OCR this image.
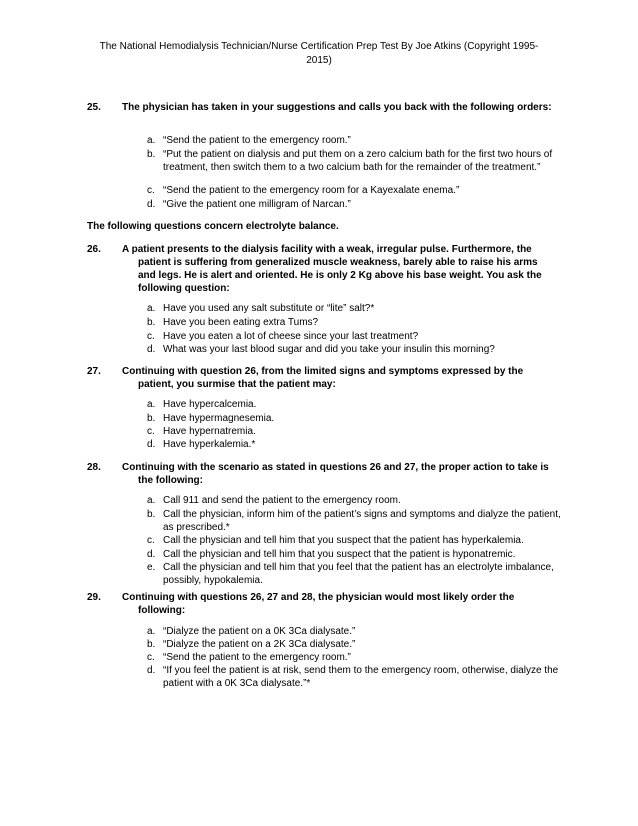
The National Hemodialysis Technician/Nurse Certification Prep Test By Joe Atkins (Copyright 1995-
2015)
25. The physician has taken in your suggestions and calls you back with the following orders:
a. “Send the patient to the emergency room.”
b. “Put the patient on dialysis and put them on a zero calcium bath for the first two hours of treatment, then switch them to a two calcium bath for the remainder of the treatment.”
c. “Send the patient to the emergency room for a Kayexalate enema.”
d. “Give the patient one milligram of Narcan.”
The following questions concern electrolyte balance.
26. A patient presents to the dialysis facility with a weak, irregular pulse. Furthermore, the patient is suffering from generalized muscle weakness, barely able to raise his arms and legs. He is alert and oriented. He is only 2 Kg above his base weight. You ask the following question:
a. Have you used any salt substitute or “lite” salt?*
b. Have you been eating extra Tums?
c. Have you eaten a lot of cheese since your last treatment?
d. What was your last blood sugar and did you take your insulin this morning?
27. Continuing with question 26, from the limited signs and symptoms expressed by the patient, you surmise that the patient may:
a. Have hypercalcemia.
b. Have hypermagnesemia.
c. Have hypernatremia.
d. Have hyperkalemia.*
28. Continuing with the scenario as stated in questions 26 and 27, the proper action to take is the following:
a. Call 911 and send the patient to the emergency room.
b. Call the physician, inform him of the patient’s signs and symptoms and dialyze the patient, as prescribed.*
c. Call the physician and tell him that you suspect that the patient has hyperkalemia.
d. Call the physician and tell him that you suspect that the patient is hyponatremic.
e. Call the physician and tell him that you feel that the patient has an electrolyte imbalance, possibly, hypokalemia.
29. Continuing with questions 26, 27 and 28, the physician would most likely order the following:
a. “Dialyze the patient on a 0K 3Ca dialysate.”
b. “Dialyze the patient on a 2K 3Ca dialysate.”
c. “Send the patient to the emergency room.”
d. “If you feel the patient is at risk, send them to the emergency room, otherwise, dialyze the patient with a 0K 3Ca dialysate.”*
